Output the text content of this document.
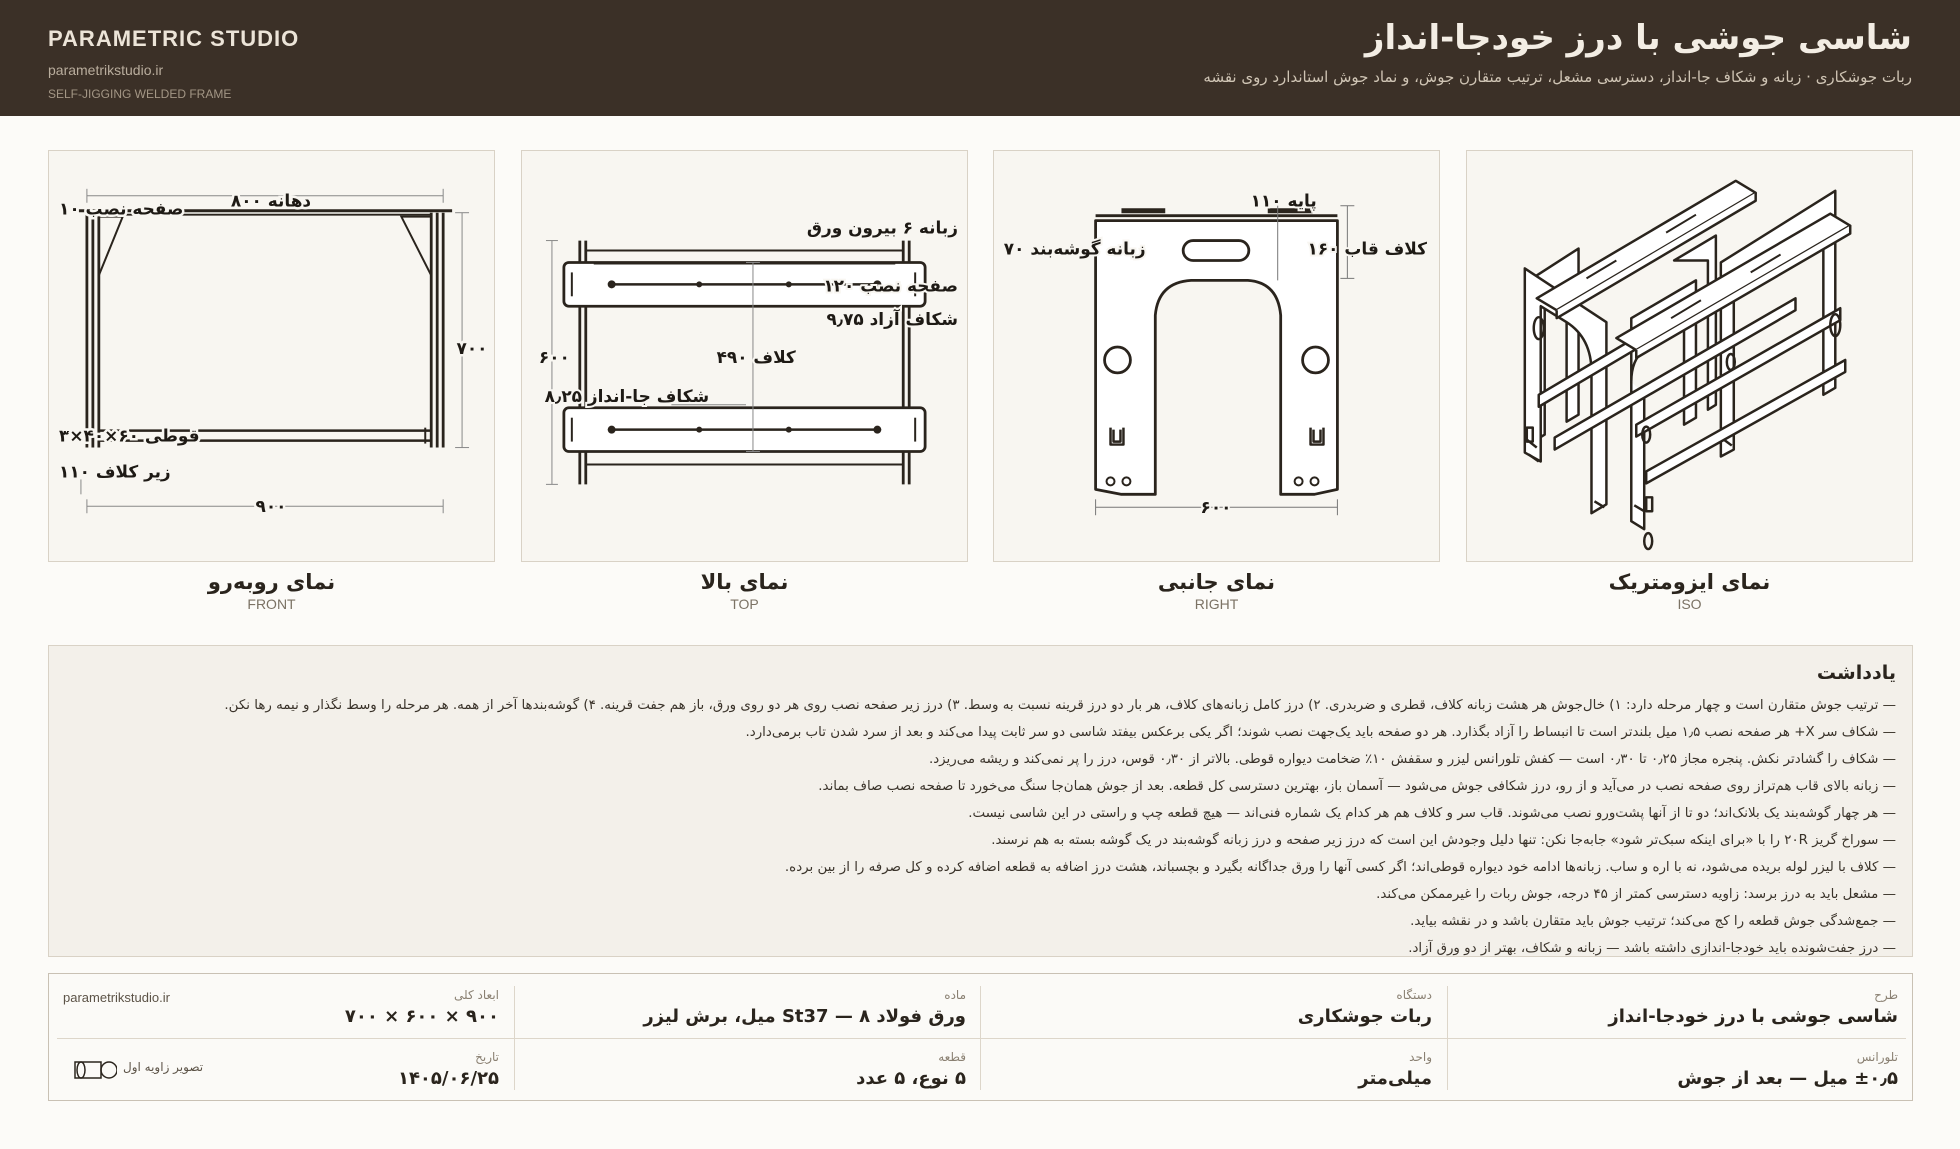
PARAMETRIC STUDIO
parametrikstudio.ir
SELF-JIGGING WELDED FRAME
شاسی جوشی با درز خودجا-انداز
ربات جوشکاری · زبانه و شکاف جا-انداز، دسترسی مشعل، ترتیب متقارن جوش، و نماد جوش استاندارد روی نقشه
نمای ایزومتریک
ISO
پایه ۱۱۰
زبانه گوشه‌بند ۷۰	کلاف قاب ۱۶۰
۶۰۰
نمای جانبی
RIGHT
زبانه ۶ بیرون ورق
صفحه نصب ۱۲۰
شکاف آزاد ۹٫۷۵
۶۰۰	کلاف ۴۹۰
شکاف جا-انداز ۸٫۲۵
نمای بالا
TOP
دهانه ۸۰۰
صفحه نصب ۱۰
۷۰۰
قوطی ۶۰×۴۰×۳
زیر کلاف ۱۱۰
۹۰۰
نمای روبه‌رو
FRONT
یادداشت
— ترتیب جوش متقارن است و چهار مرحله دارد: ۱) خال‌جوش هر هشت زبانه کلاف، قطری و ضربدری. ۲) درز کامل زبانه‌های کلاف، هر بار دو درز قرینه نسبت به وسط. ۳) درز زیر صفحه نصب روی هر دو روی ورق، باز هم جفت قرینه. ۴) گوشه‌بندها آخر از همه. هر مرحله را وسط نگذار و نیمه رها نکن.
— شکاف سر X+ هر صفحه نصب ۱٫۵ میل بلندتر است تا انبساط را آزاد بگذارد. هر دو صفحه باید یک‌جهت نصب شوند؛ اگر یکی برعکس بیفتد شاسی دو سر ثابت پیدا می‌کند و بعد از سرد شدن تاب برمی‌دارد.
— شکاف را گشادتر نکش. پنجره مجاز ۰٫۲۵ تا ۰٫۳۰ است — کفش تلورانس لیزر و سقفش ۱۰٪ ضخامت دیواره قوطی. بالاتر از ۰٫۳۰ قوس، درز را پر نمی‌کند و ریشه می‌ریزد.
— زبانه بالای قاب هم‌تراز روی صفحه نصب در می‌آید و از رو، درز شکافی جوش می‌شود — آسمان باز، بهترین دسترسی کل قطعه. بعد از جوش همان‌جا سنگ می‌خورد تا صفحه نصب صاف بماند.
— هر چهار گوشه‌بند یک بلانک‌اند؛ دو تا از آنها پشت‌ورو نصب می‌شوند. قاب سر و کلاف هم هر کدام یک شماره فنی‌اند — هیچ قطعه چپ و راستی در این شاسی نیست.
— سوراخ گریز ۲۰R را با «برای اینکه سبک‌تر شود» جابه‌جا نکن: تنها دلیل وجودش این است که درز زیر صفحه و درز زبانه گوشه‌بند در یک گوشه بسته به هم نرسند.
— کلاف با لیزر لوله بریده می‌شود، نه با اره و ساب. زبانه‌ها ادامه خود دیواره قوطی‌اند؛ اگر کسی آنها را ورق جداگانه بگیرد و بچسباند، هشت درز اضافه به قطعه اضافه کرده و کل صرفه را از بین برده.
— مشعل باید به درز برسد: زاویه دسترسی کمتر از ۴۵ درجه، جوش ربات را غیرممکن می‌کند.
— جمع‌شدگی جوش قطعه را کج می‌کند؛ ترتیب جوش باید متقارن باشد و در نقشه بیاید.
— درز جفت‌شونده باید خودجا-اندازی داشته باشد — زبانه و شکاف، بهتر از دو ورق آزاد.
طرح
شاسی جوشی با درز خودجا-انداز
دستگاه
ربات جوشکاری
ماده
ورق فولاد St37 — ۸ میل، برش لیزر
ابعاد کلی
۹۰۰ × ۶۰۰ × ۷۰۰
parametrikstudio.ir
تلورانس
±۰٫۵ میل — بعد از جوش
واحد
میلی‌متر
قطعه
۵ نوع، ۵ عدد
تاریخ
۱۴۰۵/۰۶/۲۵
تصویر زاویه اول
